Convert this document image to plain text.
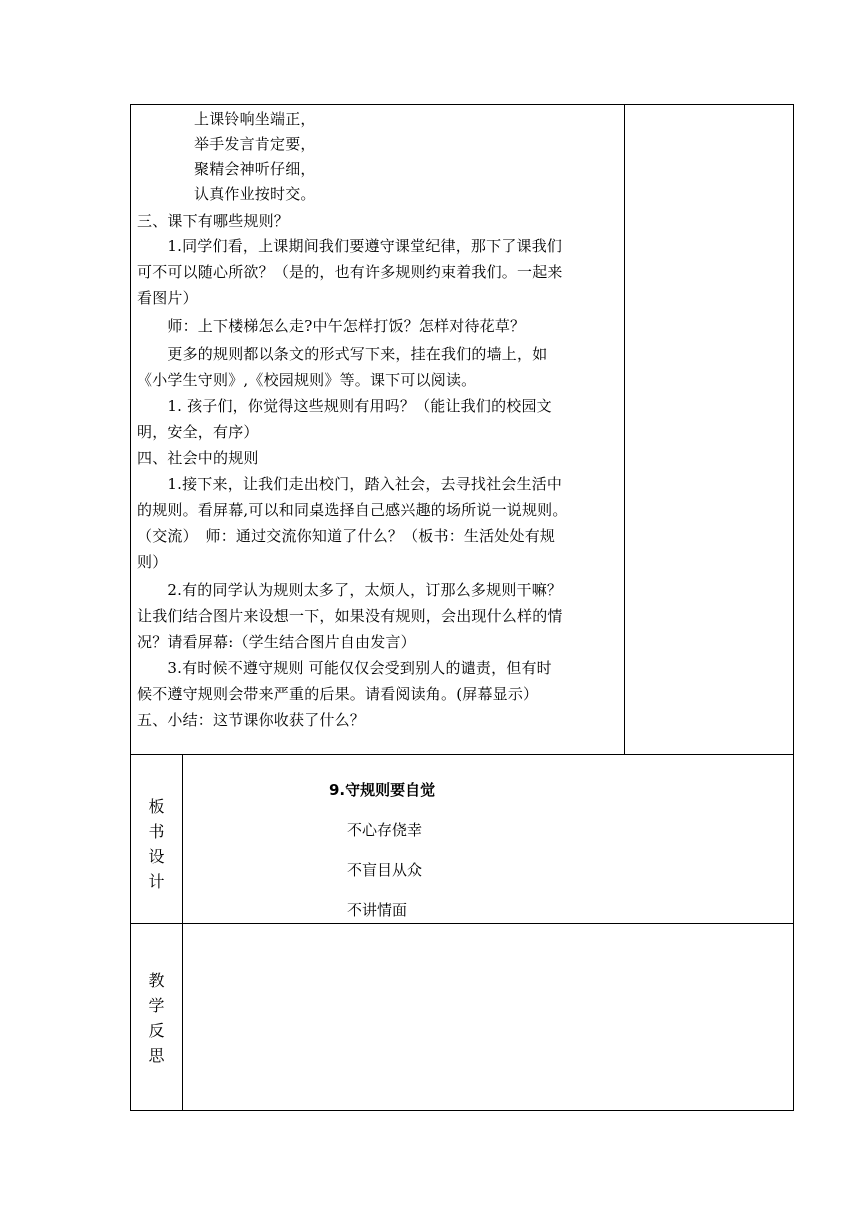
上课铃响坐端正，
举手发言肯定要，
聚精会神听仔细，
认真作业按时交。
三、课下有哪些规则？
　　1.同学们看，上课期间我们要遵守课堂纪律，那下了课我们
可不可以随心所欲？（是的，也有许多规则约束着我们。一起来
看图片）
　　师：上下楼梯怎么走?中午怎样打饭？怎样对待花草？
　　更多的规则都以条文的形式写下来，挂在我们的墙上，如
《小学生守则》,《校园规则》等。课下可以阅读。
　　1. 孩子们，你觉得这些规则有用吗？（能让我们的校园文
明，安全，有序）
四、社会中的规则
　　1.接下来，让我们走出校门，踏入社会，去寻找社会生活中
的规则。看屏幕,可以和同桌选择自己感兴趣的场所说一说规则。
（交流）　师：通过交流你知道了什么？（板书：生活处处有规
则）
　　2.有的同学认为规则太多了，太烦人，订那么多规则干嘛？
让我们结合图片来设想一下，如果没有规则，会出现什么样的情
况？请看屏幕:（学生结合图片自由发言）
　　3.有时候不遵守规则 可能仅仅会受到别人的谴责，但有时
候不遵守规则会带来严重的后果。请看阅读角。(屏幕显示）
五、小结：这节课你收获了什么？
板
书
设
计
9.守规则要自觉
不心存侥幸
不盲目从众
不讲情面
教
学
反
思
